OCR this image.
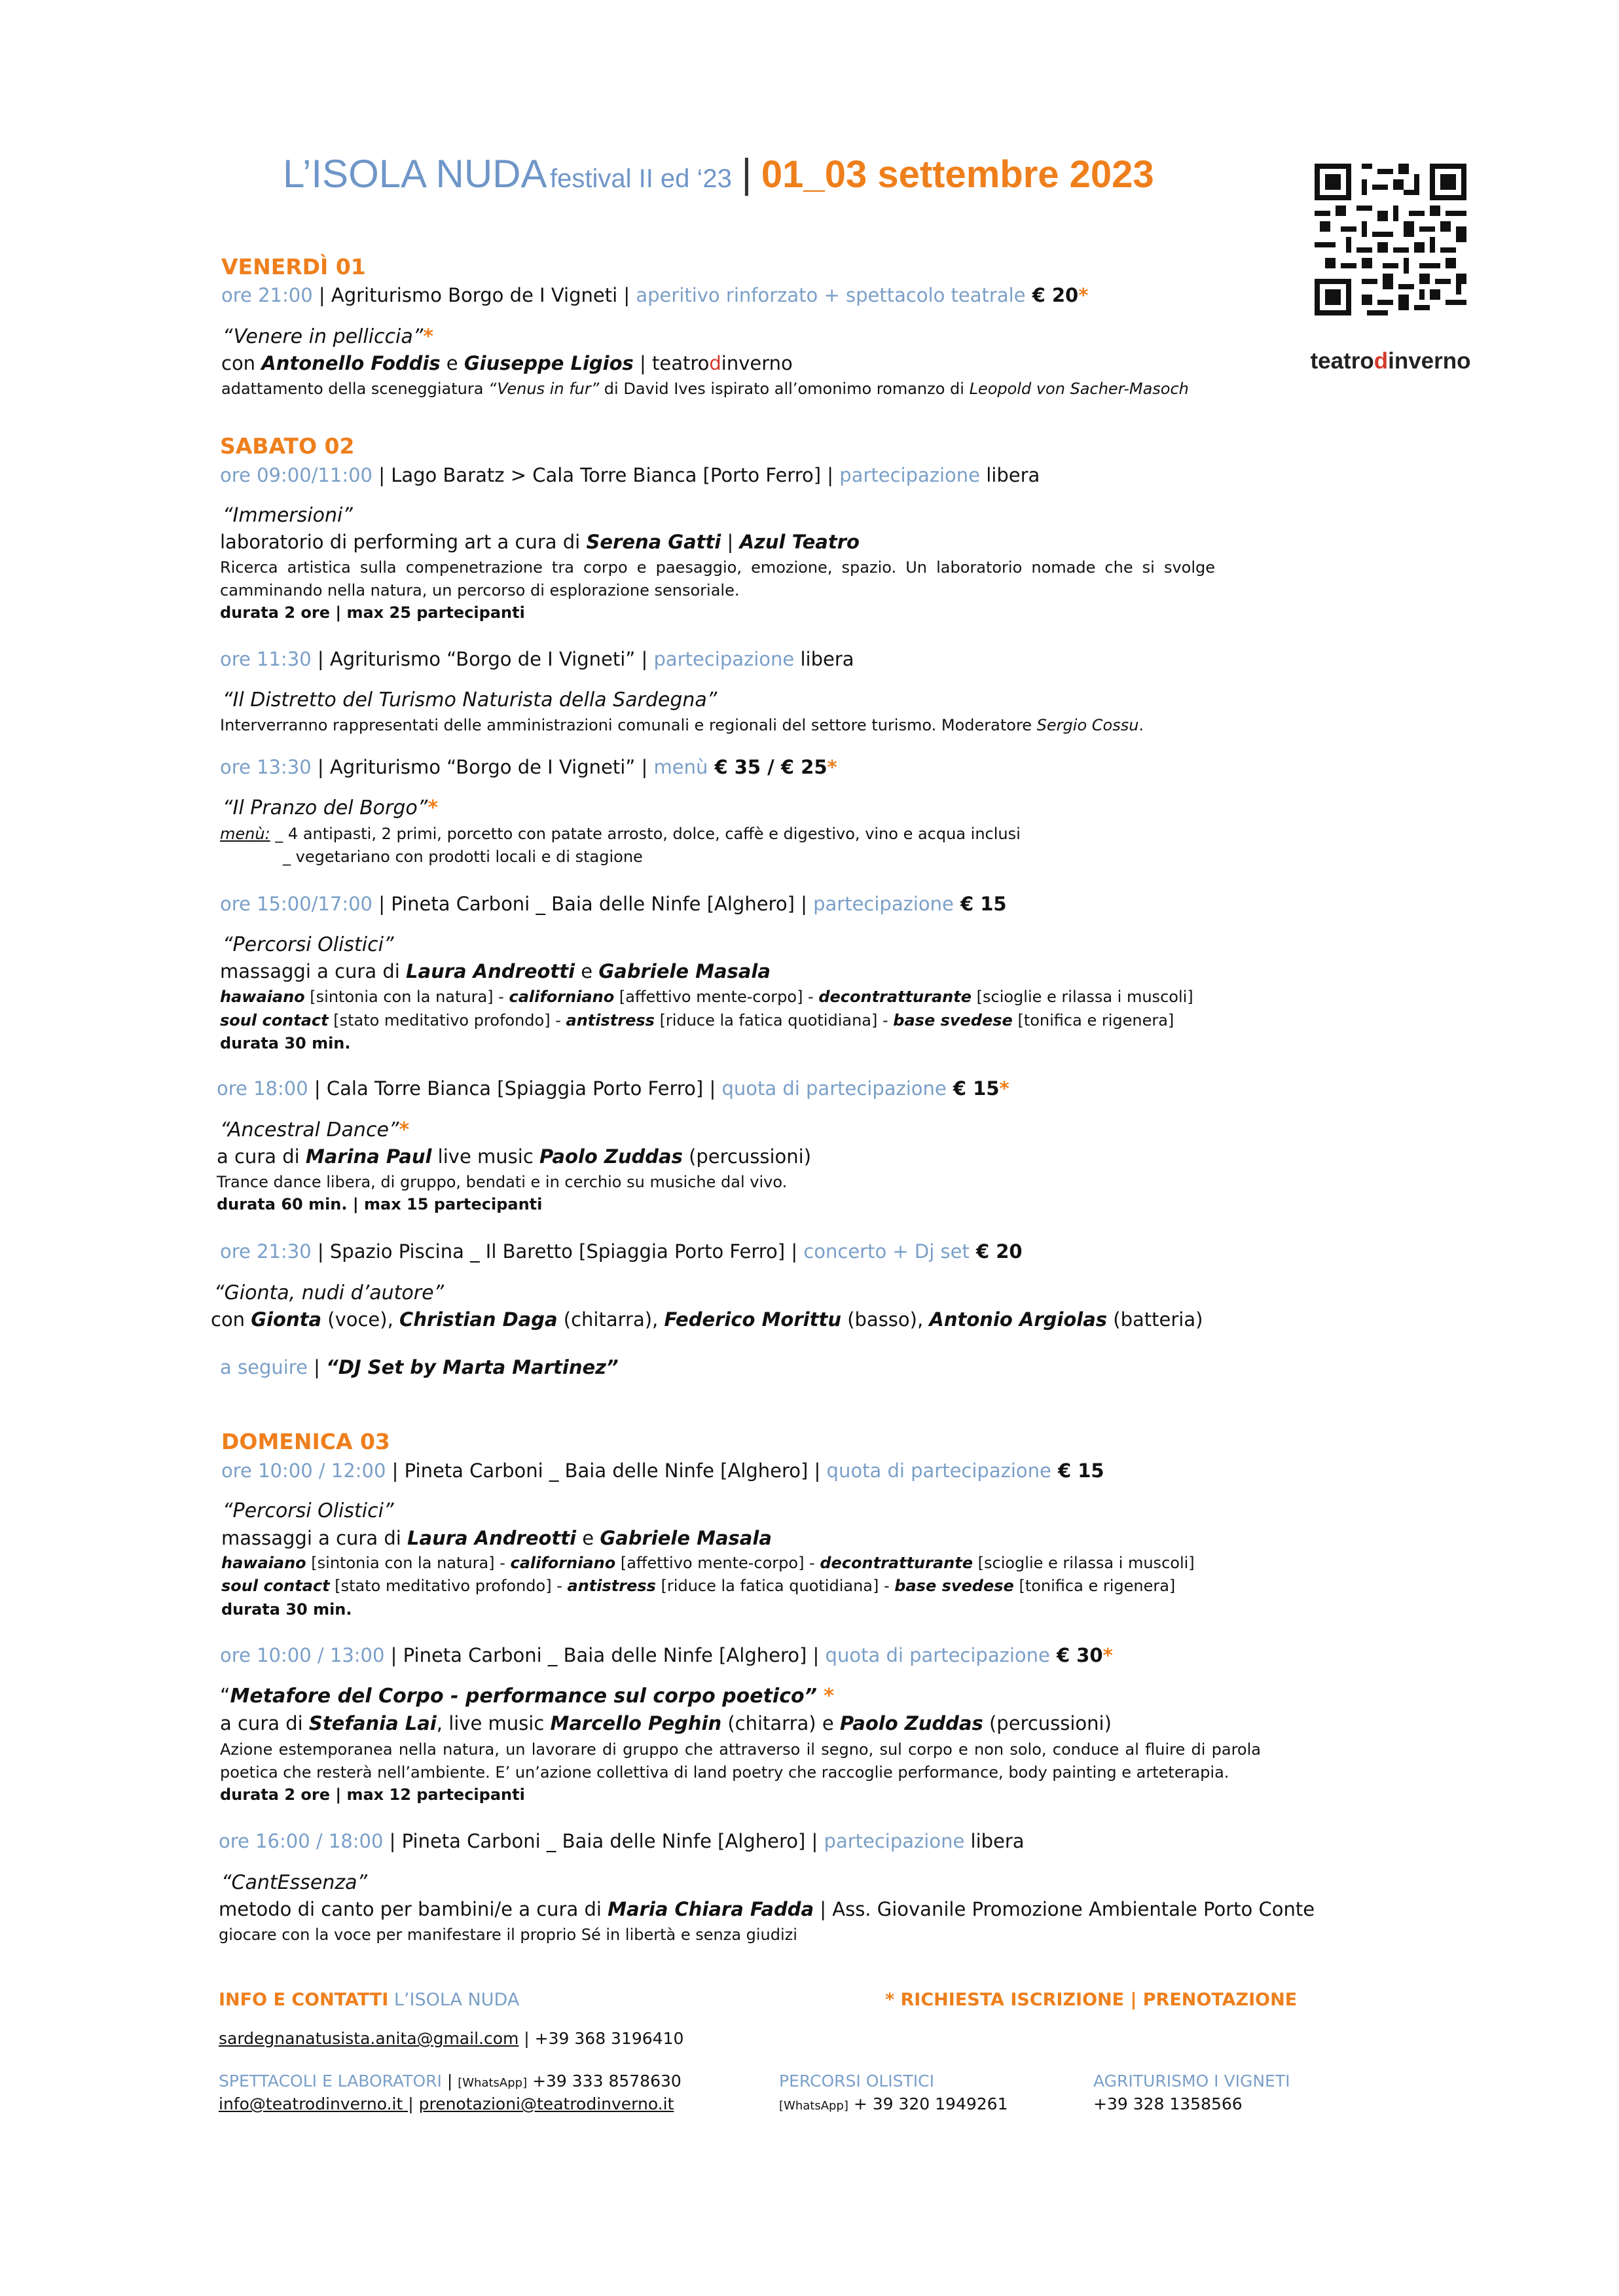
L’ISOLA NUDA festival II ed ‘23 | 01_03 settembre 2023
teatrodinverno
VENERDÌ 01
ore 21:00 | Agriturismo Borgo de I Vigneti | aperitivo rinforzato + spettacolo teatrale € 20*
“Venere in pelliccia”*
con Antonello Foddis e Giuseppe Ligios | teatrodinverno
adattamento della sceneggiatura “Venus in fur” di David Ives ispirato all’omonimo romanzo di Leopold von Sacher-Masoch
SABATO 02
ore 09:00/11:00 | Lago Baratz > Cala Torre Bianca [Porto Ferro] | partecipazione libera
“Immersioni”
laboratorio di performing art a cura di Serena Gatti | Azul Teatro
Ricerca artistica sulla compenetrazione tra corpo e paesaggio, emozione, spazio. Un laboratorio nomade che si svolge camminando nella natura, un percorso di esplorazione sensoriale.
durata 2 ore | max 25 partecipanti
ore 11:30 | Agriturismo “Borgo de I Vigneti” | partecipazione libera
“Il Distretto del Turismo Naturista della Sardegna”
Interverranno rappresentati delle amministrazioni comunali e regionali del settore turismo. Moderatore Sergio Cossu.
ore 13:30 | Agriturismo “Borgo de I Vigneti” | menù € 35 / € 25*
“Il Pranzo del Borgo”*
menù: _ 4 antipasti, 2 primi, porcetto con patate arrosto, dolce, caffè e digestivo, vino e acqua inclusi
_ vegetariano con prodotti locali e di stagione
ore 15:00/17:00 | Pineta Carboni _ Baia delle Ninfe [Alghero] | partecipazione € 15
“Percorsi Olistici”
massaggi a cura di Laura Andreotti e Gabriele Masala
hawaiano [sintonia con la natura] - californiano [affettivo mente-corpo] - decontratturante [scioglie e rilassa i muscoli]
soul contact [stato meditativo profondo] - antistress [riduce la fatica quotidiana] - base svedese [tonifica e rigenera]
durata 30 min.
ore 18:00 | Cala Torre Bianca [Spiaggia Porto Ferro] | quota di partecipazione € 15*
“Ancestral Dance”*
a cura di Marina Paul live music Paolo Zuddas (percussioni)
Trance dance libera, di gruppo, bendati e in cerchio su musiche dal vivo.
durata 60 min. | max 15 partecipanti
ore 21:30 | Spazio Piscina _ Il Baretto [Spiaggia Porto Ferro] | concerto + Dj set € 20
“Gionta, nudi d’autore”
con Gionta (voce), Christian Daga (chitarra), Federico Morittu (basso), Antonio Argiolas (batteria)
a seguire | “DJ Set by Marta Martinez”
DOMENICA 03
ore 10:00 / 12:00 | Pineta Carboni _ Baia delle Ninfe [Alghero] | quota di partecipazione € 15
“Percorsi Olistici”
massaggi a cura di Laura Andreotti e Gabriele Masala
hawaiano [sintonia con la natura] - californiano [affettivo mente-corpo] - decontratturante [scioglie e rilassa i muscoli]
soul contact [stato meditativo profondo] - antistress [riduce la fatica quotidiana] - base svedese [tonifica e rigenera]
durata 30 min.
ore 10:00 / 13:00 | Pineta Carboni _ Baia delle Ninfe [Alghero] | quota di partecipazione € 30*
“Metafore del Corpo - performance sul corpo poetico” *
a cura di Stefania Lai, live music Marcello Peghin (chitarra) e Paolo Zuddas (percussioni)
Azione estemporanea nella natura, un lavorare di gruppo che attraverso il segno, sul corpo e non solo, conduce al fluire di parola poetica che resterà nell’ambiente. E’ un’azione collettiva di land poetry che raccoglie performance, body painting e arteterapia.
durata 2 ore | max 12 partecipanti
ore 16:00 / 18:00 | Pineta Carboni _ Baia delle Ninfe [Alghero] | partecipazione libera
“CantEssenza”
metodo di canto per bambini/e a cura di Maria Chiara Fadda | Ass. Giovanile Promozione Ambientale Porto Conte
giocare con la voce per manifestare il proprio Sé in libertà e senza giudizi
INFO E CONTATTI L’ISOLA NUDA	* RICHIESTA ISCRIZIONE | PRENOTAZIONE
sardegnanatusista.anita@gmail.com | +39 368 3196410
SPETTACOLI E LABORATORI | [WhatsApp] +39 333 8578630
info@teatrodinverno.it | prenotazioni@teatrodinverno.it
PERCORSI OLISTICI
[WhatsApp] + 39 320 1949261
AGRITURISMO I VIGNETI
+39 328 1358566
